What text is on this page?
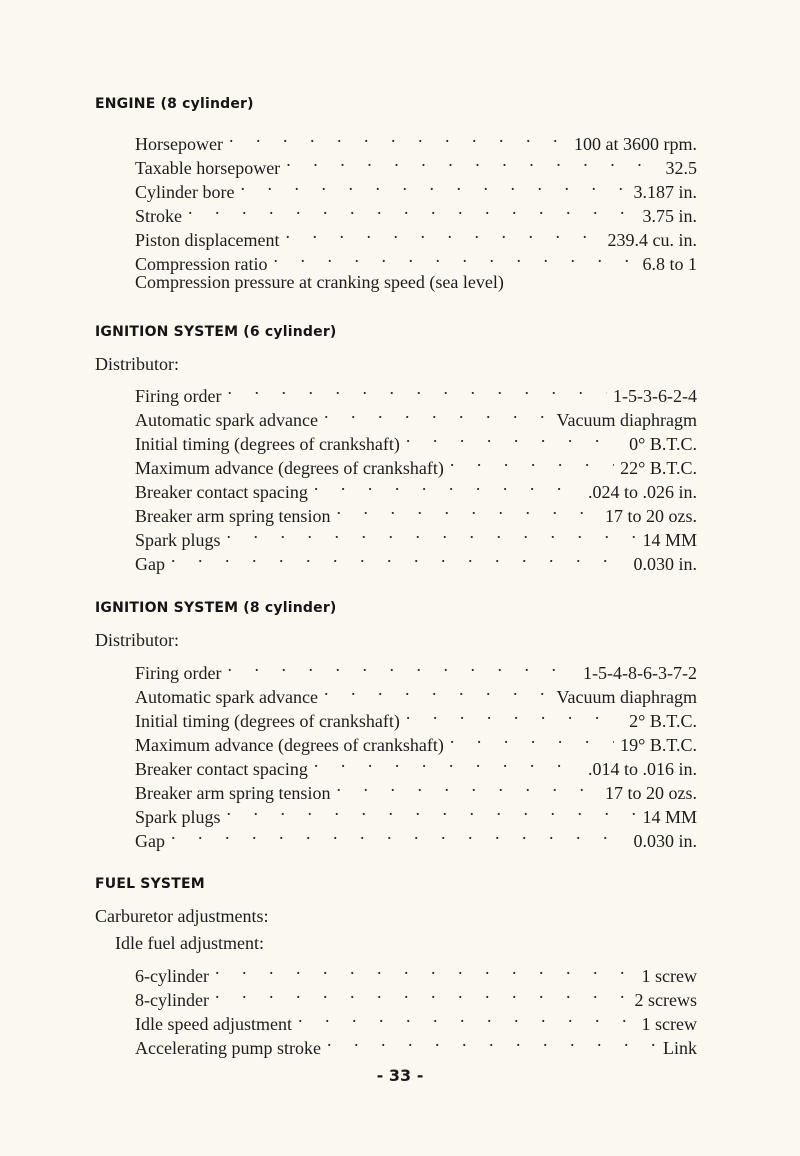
ENGINE (8 cylinder)
Horsepower . . .	100 at 3600 rpm.
Taxable horsepower . . .	32.5
Cylinder bore . . .	3.187 in.
Stroke . . .	3.75 in.
Piston displacement . . .	239.4 cu. in.
Compression ratio . . .	6.8 to 1
Compression pressure at cranking speed (sea level)
IGNITION SYSTEM (6 cylinder)
Distributor:
Firing order . . .	1-5-3-6-2-4
Automatic spark advance . . .	Vacuum diaphragm
Initial timing (degrees of crankshaft) . . .	0° B.T.C.
Maximum advance (degrees of crankshaft) . . .	22° B.T.C.
Breaker contact spacing . . .	.024 to .026 in.
Breaker arm spring tension . . .	17 to 20 ozs.
Spark plugs . . .	14 MM
Gap . . .	0.030 in.
IGNITION SYSTEM (8 cylinder)
Distributor:
Firing order . . .	1-5-4-8-6-3-7-2
Automatic spark advance . . .	Vacuum diaphragm
Initial timing (degrees of crankshaft) . . .	2° B.T.C.
Maximum advance (degrees of crankshaft) . . .	19° B.T.C.
Breaker contact spacing . . .	.014 to .016 in.
Breaker arm spring tension . . .	17 to 20 ozs.
Spark plugs . . .	14 MM
Gap . . .	0.030 in.
FUEL SYSTEM
Carburetor adjustments:
Idle fuel adjustment:
6-cylinder . . .	1 screw
8-cylinder . . .	2 screws
Idle speed adjustment . . .	1 screw
Accelerating pump stroke . . .	Link
- 33 -
